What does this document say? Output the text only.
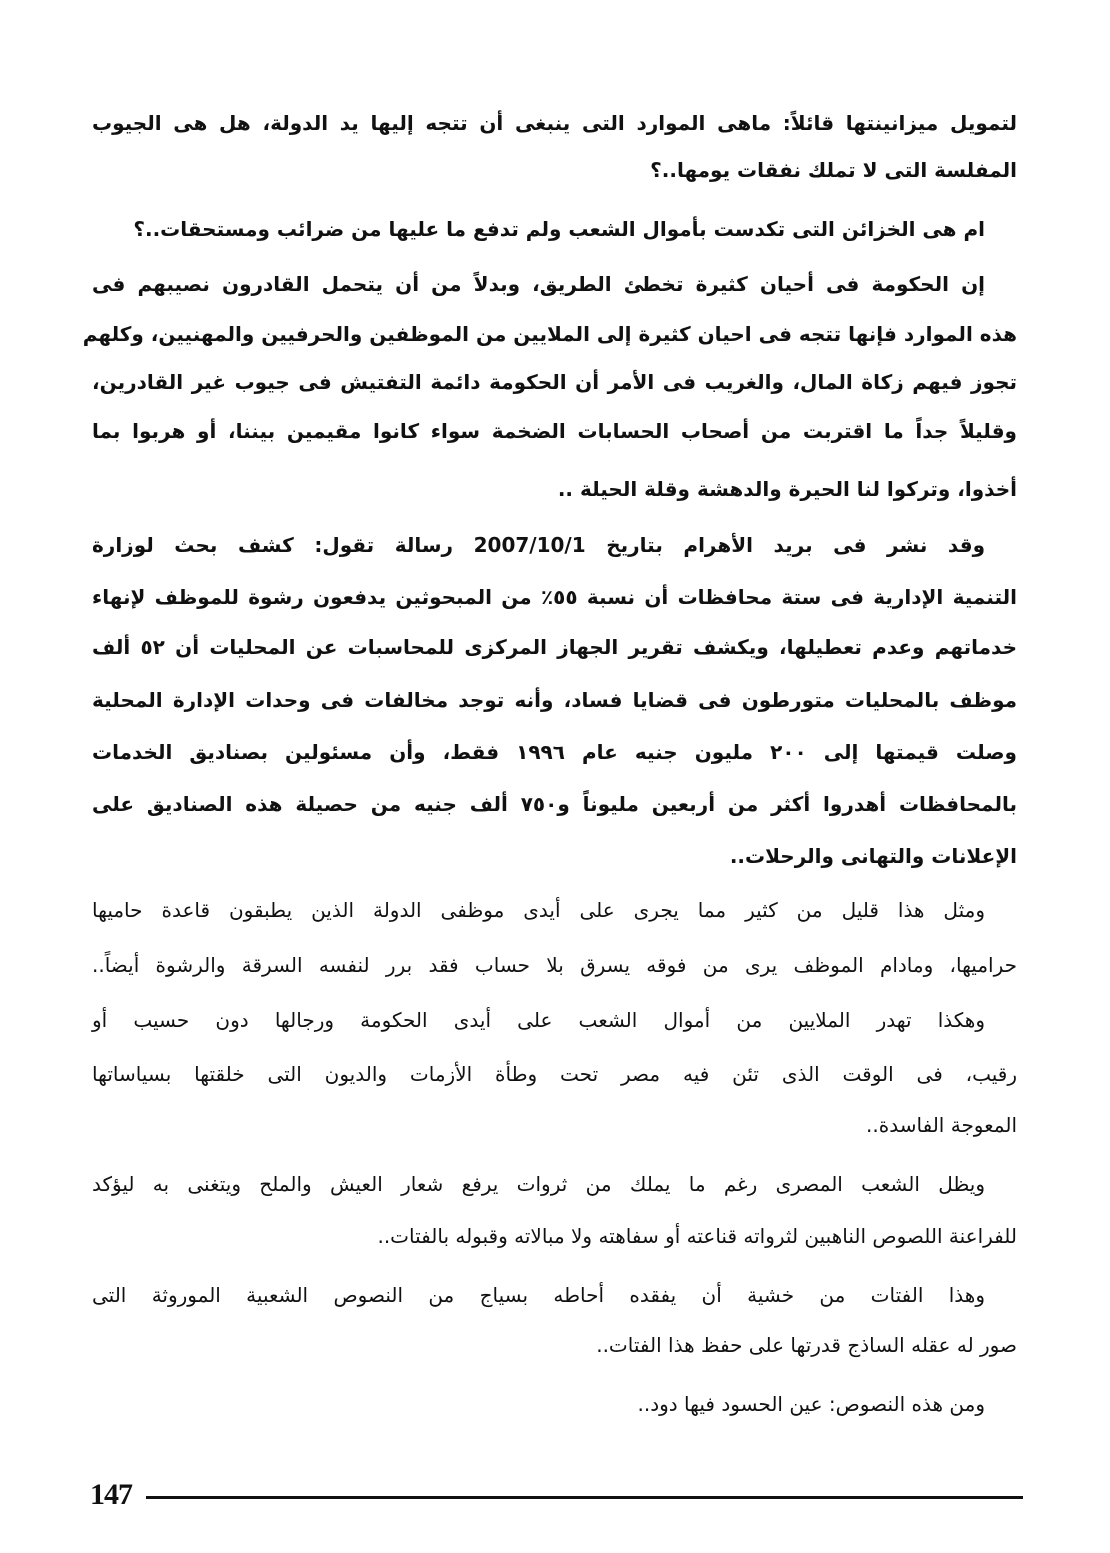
لتمويل ميزانينتها قائلاً: ماهى الموارد التى ينبغى أن تتجه إليها يد الدولة، هل هى الجيوب
المفلسة التى لا تملك نفقات يومها..؟
ام هى الخزائن التى تكدست بأموال الشعب ولم تدفع ما عليها من ضرائب ومستحقات..؟
إن الحكومة فى أحيان كثيرة تخطئ الطريق، وبدلاً من أن يتحمل القادرون نصيبهم فى
هذه الموارد فإنها تتجه فى احيان كثيرة إلى الملايين من الموظفين والحرفيين والمهنيين، وكلهم
تجوز فيهم زكاة المال، والغريب فى الأمر أن الحكومة دائمة التفتيش فى جيوب غير القادرين،
وقليلاً جداً ما اقتربت من أصحاب الحسابات الضخمة سواء كانوا مقيمين بيننا، أو هربوا بما
أخذوا، وتركوا لنا الحيرة والدهشة وقلة الحيلة ..
وقد نشر فى بريد الأهرام بتاريخ 2007/10/1 رسالة تقول: كشف بحث لوزارة
التنمية الإدارية فى ستة محافظات أن نسبة ٥٥٪ من المبحوثين يدفعون رشوة للموظف لإنهاء
خدماتهم وعدم تعطيلها، ويكشف تقرير الجهاز المركزى للمحاسبات عن المحليات أن ٥٢ ألف
موظف بالمحليات متورطون فى قضايا فساد، وأنه توجد مخالفات فى وحدات الإدارة المحلية
وصلت قيمتها إلى ٢٠٠ مليون جنيه عام ١٩٩٦ فقط، وأن مسئولين بصناديق الخدمات
بالمحافظات أهدروا أكثر من أربعين مليوناً و٧٥٠ ألف جنيه من حصيلة هذه الصناديق على
الإعلانات والتهانى والرحلات..
ومثل هذا قليل من كثير مما يجرى على أيدى موظفى الدولة الذين يطبقون قاعدة حاميها
حراميها، ومادام الموظف يرى من فوقه يسرق بلا حساب فقد برر لنفسه السرقة والرشوة أيضاً..
وهكذا تهدر الملايين من أموال الشعب على أيدى الحكومة ورجالها دون حسيب أو
رقيب، فى الوقت الذى تئن فيه مصر تحت وطأة الأزمات والديون التى خلقتها بسياساتها
المعوجة الفاسدة..
ويظل الشعب المصرى رغم ما يملك من ثروات يرفع شعار العيش والملح ويتغنى به ليؤكد
للفراعنة اللصوص الناهبين لثرواته قناعته أو سفاهته ولا مبالاته وقبوله بالفتات..
وهذا الفتات من خشية أن يفقده أحاطه بسياج من النصوص الشعبية الموروثة التى
صور له عقله الساذج قدرتها على حفظ هذا الفتات..
ومن هذه النصوص: عين الحسود فيها دود..
147
